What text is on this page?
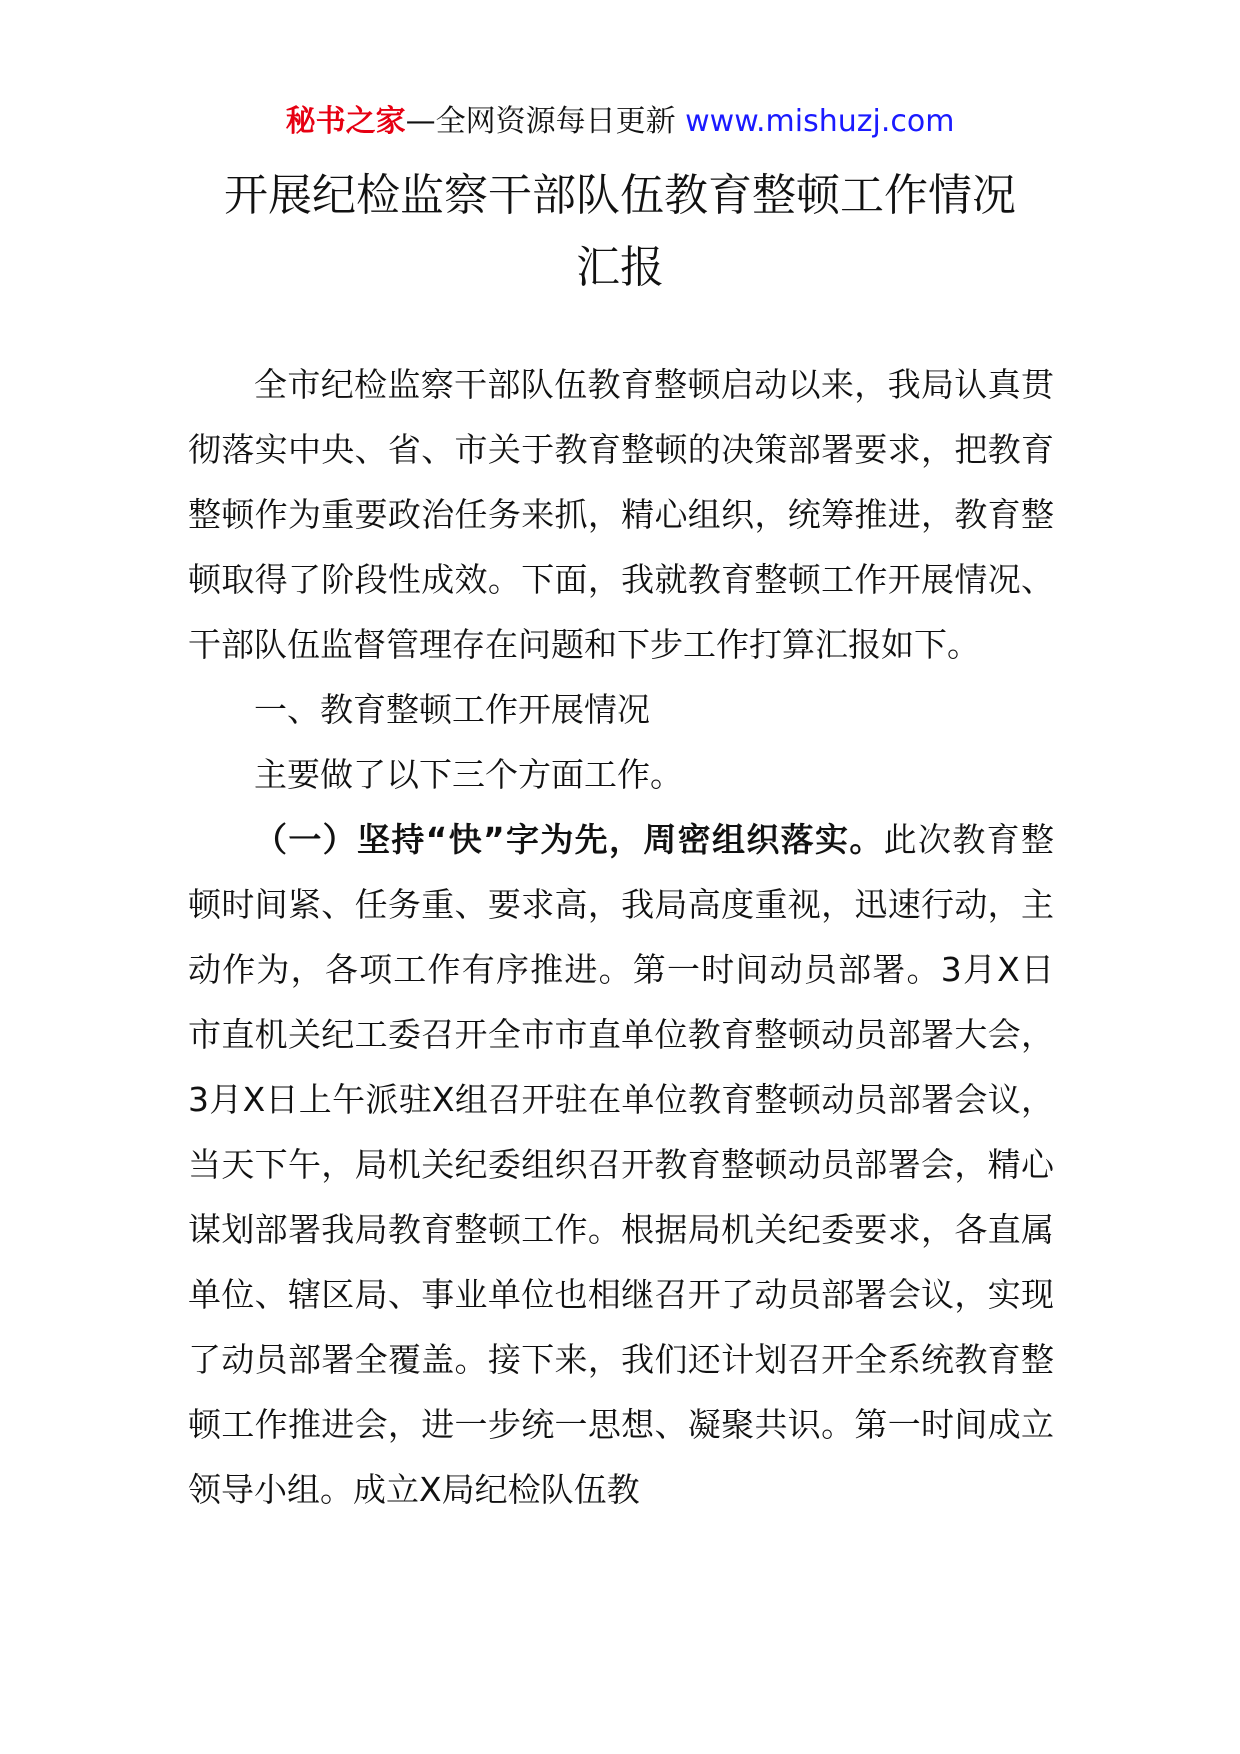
秘书之家—全网资源每日更新 www.mishuzj.com
开展纪检监察干部队伍教育整顿工作情况
汇报

全市纪检监察干部队伍教育整顿启动以来，我局认真贯彻落实中央、省、市关于教育整顿的决策部署要求，把教育整顿作为重要政治任务来抓，精心组织，统筹推进，教育整顿取得了阶段性成效。下面，我就教育整顿工作开展情况、干部队伍监督管理存在问题和下步工作打算汇报如下。

一、教育整顿工作开展情况

主要做了以下三个方面工作。

（一）坚持“快”字为先，周密组织落实。此次教育整顿时间紧、任务重、要求高，我局高度重视，迅速行动，主动作为，各项工作有序推进。第一时间动员部署。3月X日市直机关纪工委召开全市市直单位教育整顿动员部署大会，3月X日上午派驻X组召开驻在单位教育整顿动员部署会议，当天下午，局机关纪委组织召开教育整顿动员部署会，精心谋划部署我局教育整顿工作。根据局机关纪委要求，各直属单位、辖区局、事业单位也相继召开了动员部署会议，实现了动员部署全覆盖。接下来，我们还计划召开全系统教育整顿工作推进会，进一步统一思想、凝聚共识。第一时间成立领导小组。成立X局纪检队伍教
